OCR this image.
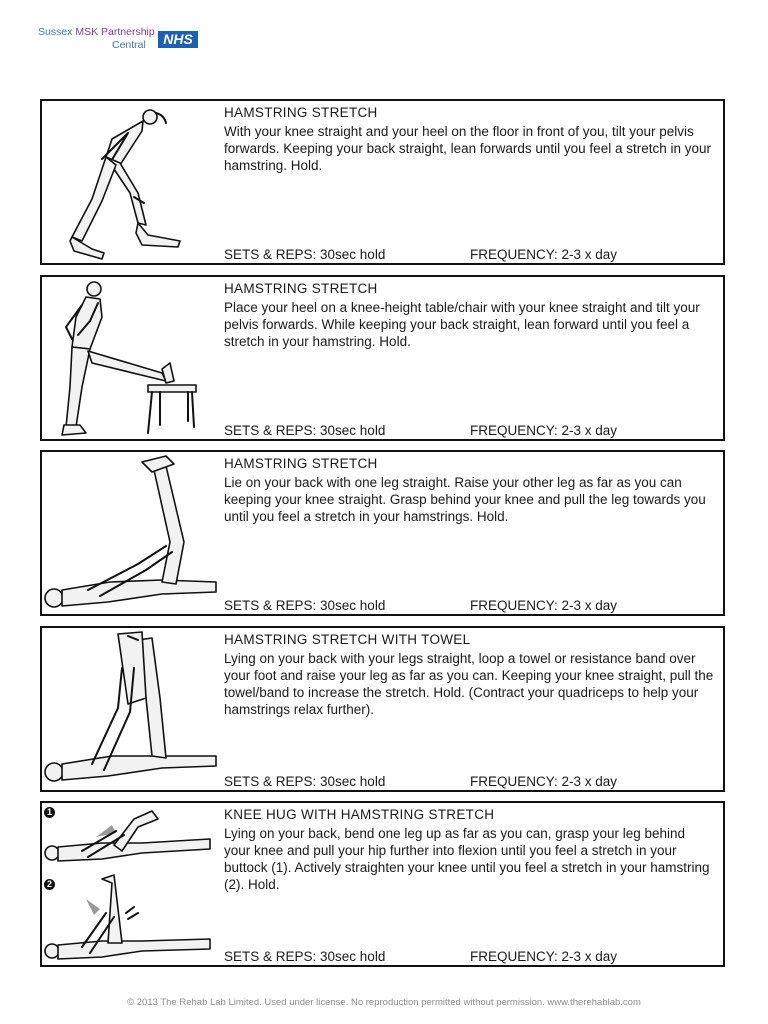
Sussex MSK Partnership
Central	NHS
HAMSTRING STRETCH
With your knee straight and your heel on the floor in front of you, tilt your pelvis forwards. Keeping your back straight, lean forwards until you feel a stretch in your hamstring. Hold.
SETS & REPS: 30sec hold	FREQUENCY: 2-3 x day
HAMSTRING STRETCH
Place your heel on a knee-height table/chair with your knee straight and tilt your pelvis forwards. While keeping your back straight, lean forward until you feel a stretch in your hamstring. Hold.
SETS & REPS: 30sec hold	FREQUENCY: 2-3 x day
HAMSTRING STRETCH
Lie on your back with one leg straight. Raise your other leg as far as you can keeping your knee straight. Grasp behind your knee and pull the leg towards you until you feel a stretch in your hamstrings. Hold.
SETS & REPS: 30sec hold	FREQUENCY: 2-3 x day
HAMSTRING STRETCH WITH TOWEL
Lying on your back with your legs straight, loop a towel or resistance band over your foot and raise your leg as far as you can. Keeping your knee straight, pull the towel/band to increase the stretch. Hold. (Contract your quadriceps to help your hamstrings relax further).
SETS & REPS: 30sec hold	FREQUENCY: 2-3 x day
1
2
KNEE HUG WITH HAMSTRING STRETCH
Lying on your back, bend one leg up as far as you can, grasp your leg behind your knee and pull your hip further into flexion until you feel a stretch in your buttock (1). Actively straighten your knee until you feel a stretch in your hamstring (2). Hold.
SETS & REPS: 30sec hold	FREQUENCY: 2-3 x day
© 2013 The Rehab Lab Limited. Used under license. No reproduction permitted without permission. www.therehablab.com
